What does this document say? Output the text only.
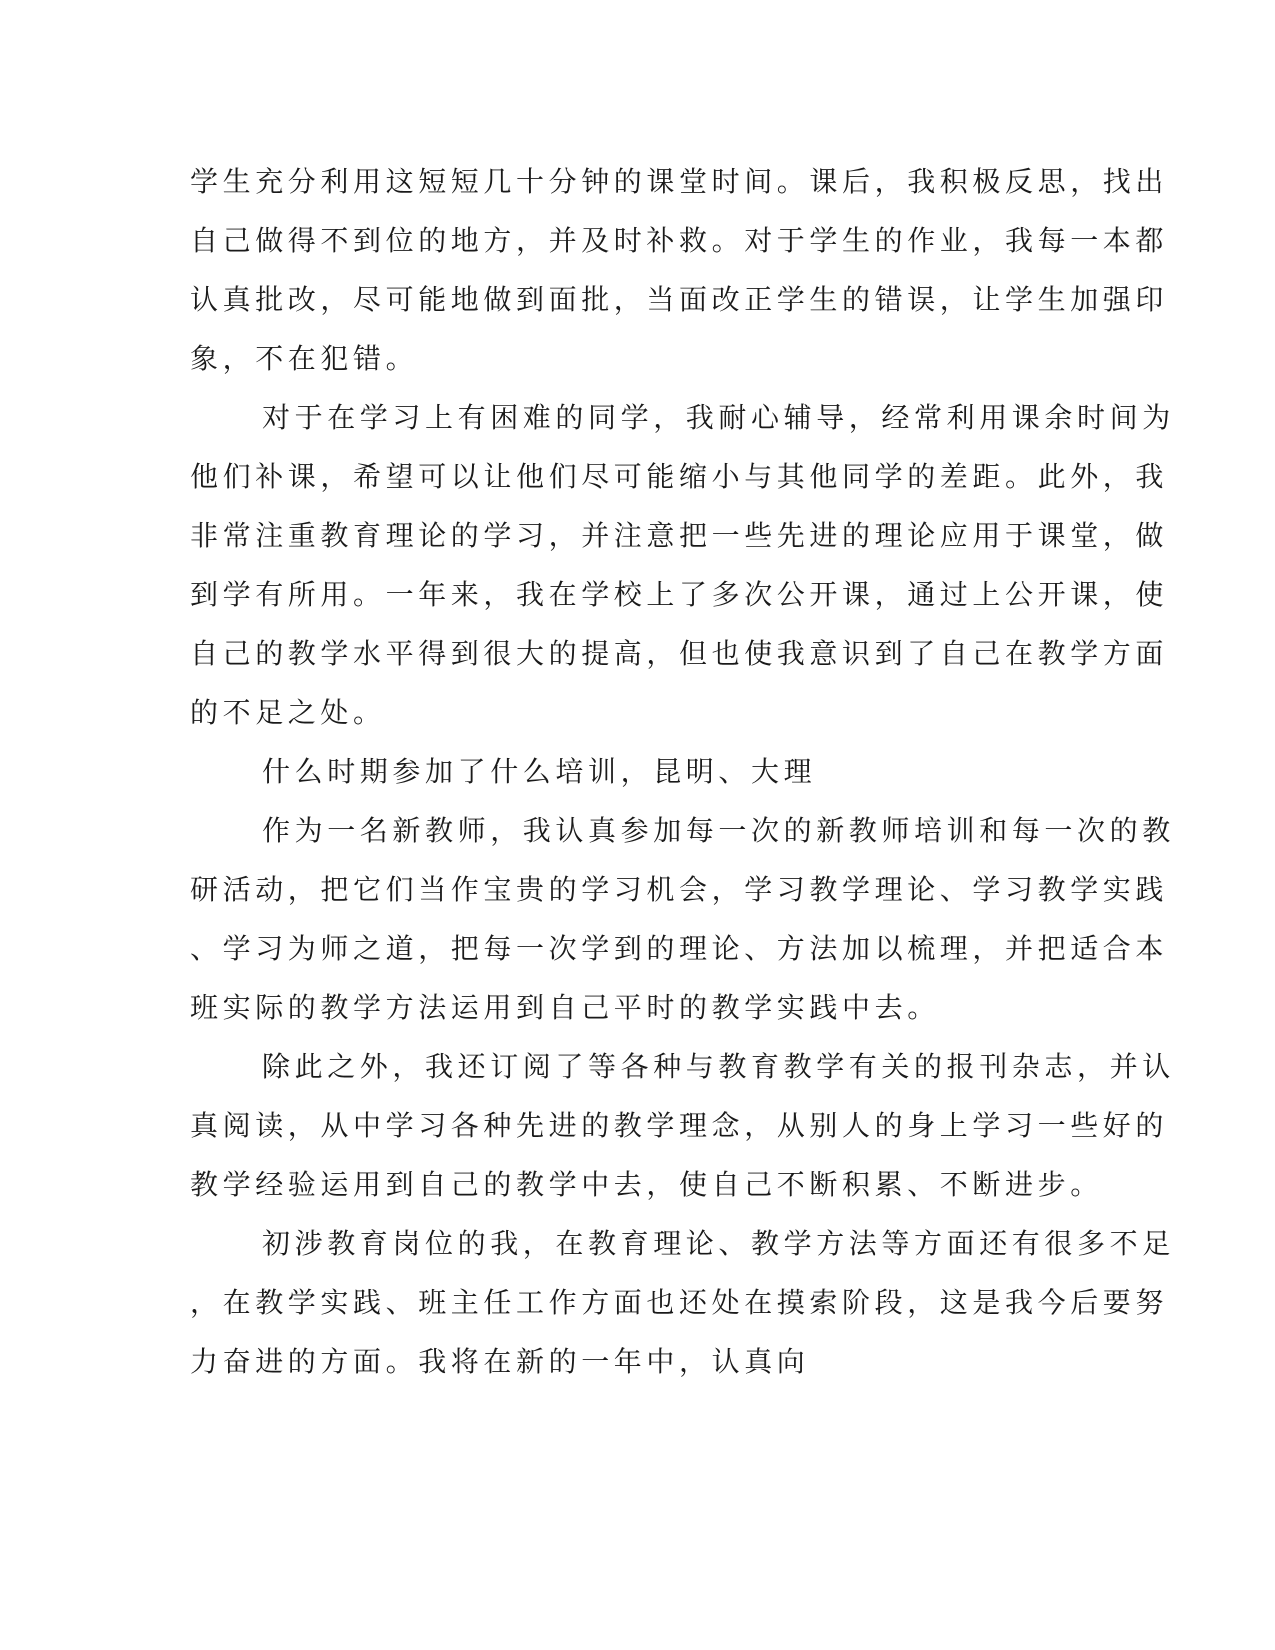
学生充分利用这短短几十分钟的课堂时间。课后，我积极反思，找出

自己做得不到位的地方，并及时补救。对于学生的作业，我每一本都

认真批改，尽可能地做到面批，当面改正学生的错误，让学生加强印

象，不在犯错。

对于在学习上有困难的同学，我耐心辅导，经常利用课余时间为

他们补课，希望可以让他们尽可能缩小与其他同学的差距。此外，我

非常注重教育理论的学习，并注意把一些先进的理论应用于课堂，做

到学有所用。一年来，我在学校上了多次公开课，通过上公开课，使

自己的教学水平得到很大的提高，但也使我意识到了自己在教学方面

的不足之处。

什么时期参加了什么培训，昆明、大理

作为一名新教师，我认真参加每一次的新教师培训和每一次的教

研活动，把它们当作宝贵的学习机会，学习教学理论、学习教学实践

、学习为师之道，把每一次学到的理论、方法加以梳理，并把适合本

班实际的教学方法运用到自己平时的教学实践中去。

除此之外，我还订阅了等各种与教育教学有关的报刊杂志，并认

真阅读，从中学习各种先进的教学理念，从别人的身上学习一些好的

教学经验运用到自己的教学中去，使自己不断积累、不断进步。

初涉教育岗位的我，在教育理论、教学方法等方面还有很多不足

，在教学实践、班主任工作方面也还处在摸索阶段，这是我今后要努

力奋进的方面。我将在新的一年中，认真向
